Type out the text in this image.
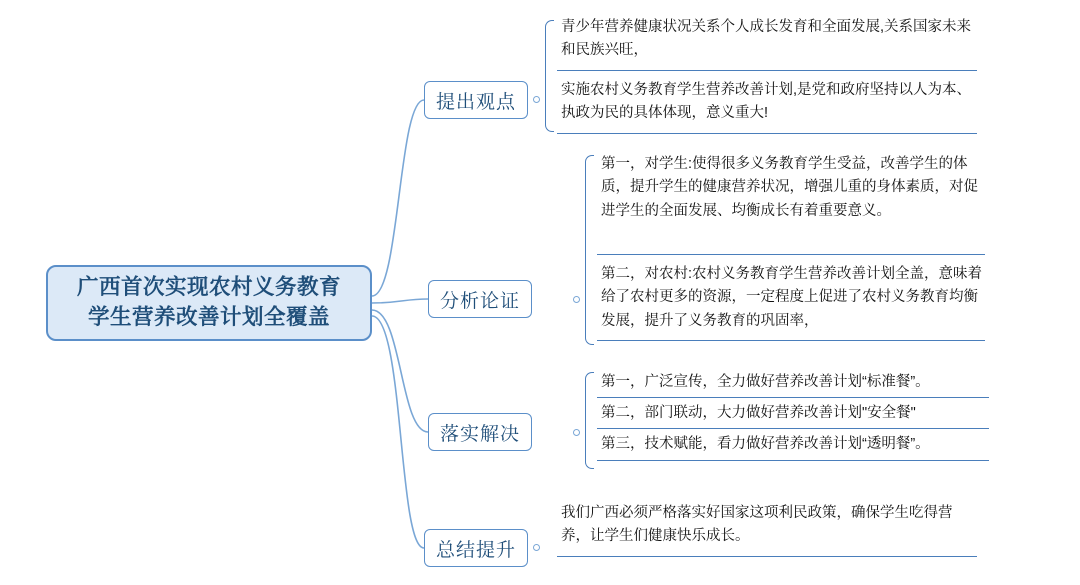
广西首次实现农村义务教育
学生营养改善计划全覆盖
提出观点
青少年营养健康状况关系个人成长发育和全面发展,关系国家未来和民族兴旺，
实施农村义务教育学生营养改善计划,是党和政府坚持以人为本、执政为民的具体体现，意义重大!
分析论证
第一，对学生:使得很多义务教育学生受益，改善学生的体质，提升学生的健康营养状况，增强儿重的身体素质，对促进学生的全面发展、均衡成长有着重要意义。
第二，对农村:农村义务教育学生营养改善计划全盖，意味着给了农村更多的资源，一定程度上促进了农村义务教育均衡发展，提升了义务教育的巩固率，
落实解决
第一，广泛宣传，全力做好营养改善计划“标准餐”。
第二，部门联动，大力做好营养改善计划"安全餐"
第三，技术赋能，看力做好营养改善计划“透明餐”。
总结提升
我们广西必须严格落实好国家这项利民政策，确保学生吃得营养，让学生们健康快乐成长。
